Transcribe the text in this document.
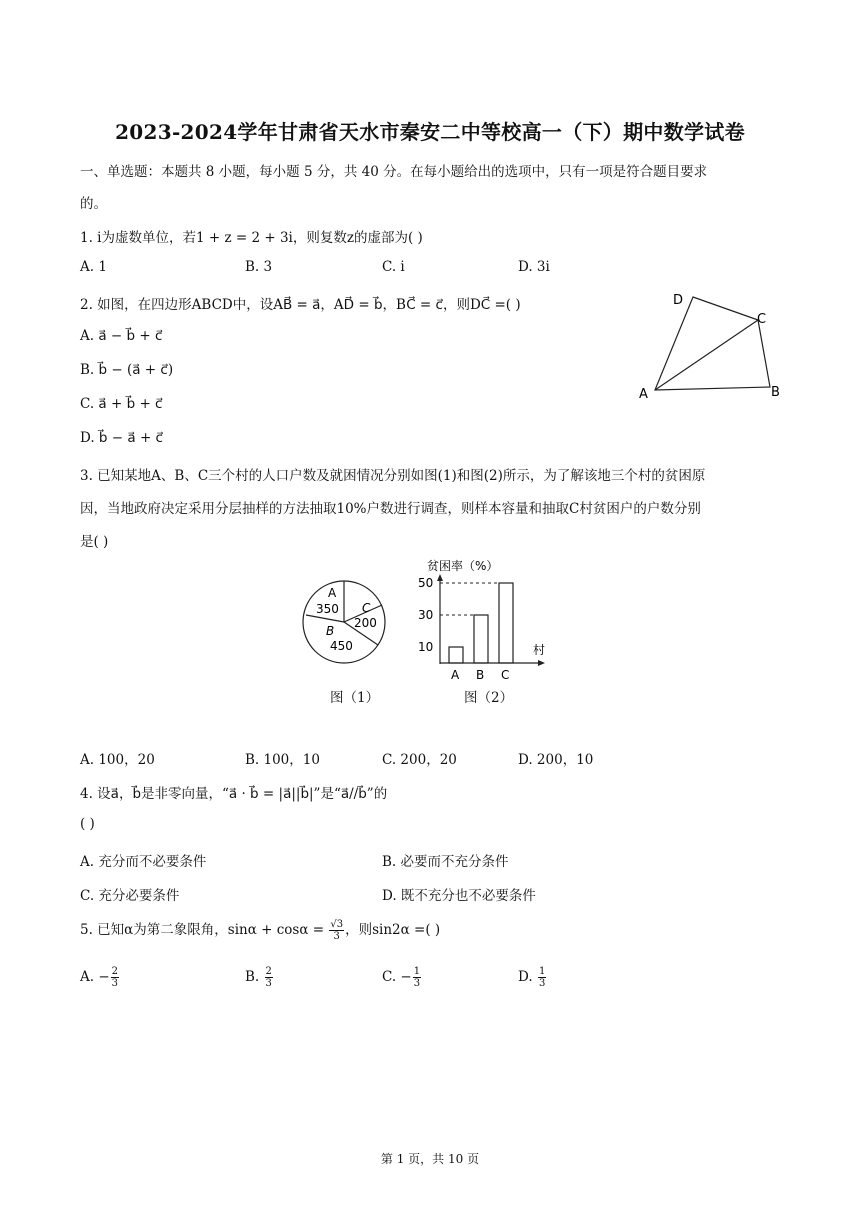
2023-2024学年甘肃省天水市秦安二中等校高一（下）期中数学试卷
一、单选题：本题共 8 小题，每小题 5 分，共 40 分。在每小题给出的选项中，只有一项是符合题目要求
的。
1. i为虚数单位，若1 + z = 2 + 3i，则复数z的虚部为( )
A. 1	B. 3	C. i	D. 3i
2. 如图，在四边形ABCD中，设AB⃗ = a⃗，AD⃗ = b⃗，BC⃗ = c⃗，则DC⃗ =( )
A. a⃗ − b⃗ + c⃗
B. b⃗ − (a⃗ + c⃗)
C. a⃗ + b⃗ + c⃗
D. b⃗ − a⃗ + c⃗
D
C
A	B
3. 已知某地A、B、C三个村的人口户数及就困情况分别如图(1)和图(2)所示，为了解该地三个村的贫困原
因，当地政府决定采用分层抽样的方法抽取10%户数进行调查，则样本容量和抽取C村贫困户的户数分别
是( )
A
350 C
200
B
450
贫困率（%）
村
10
30
50
A B C
图（1）	图（2）
A. 100，20	B. 100，10	C. 200，20	D. 200，10
4. 设a⃗，b⃗是非零向量，“a⃗ · b⃗ = |a⃗||b⃗|”是“a⃗//b⃗”的
( )
A. 充分而不必要条件	B. 必要而不充分条件
C. 充分必要条件	D. 既不充分也不必要条件
5. 已知α为第二象限角，$\sin\alpha + \cos\alpha = \frac{√3}{3}$ ，则sin2α =( )
A. − $\frac{2}{3}$	B. $\frac{2}{3}$	C. − $\frac{1}{3}$	D. $\frac{1}{3}$
第 1 页，共 10 页
